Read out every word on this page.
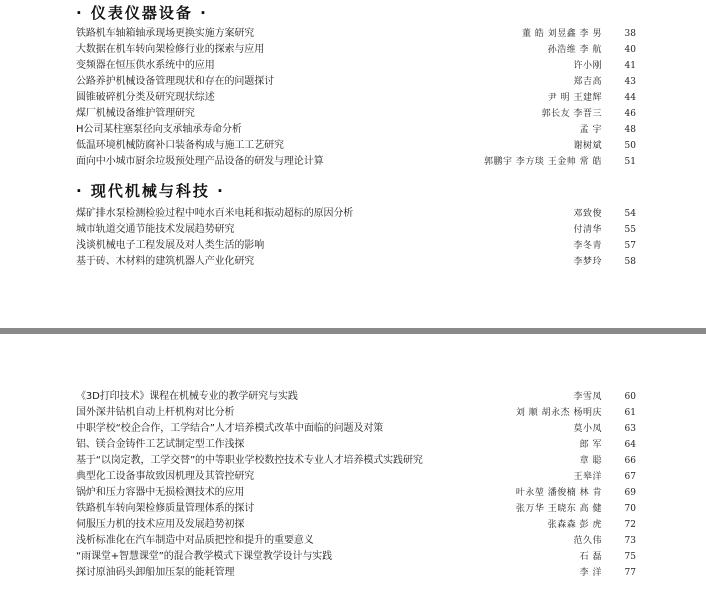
· 仪表仪器设备 ·
铁路机车轴箱轴承现场更换实施方案研究	董 皓 刘昱鑫 李 男	38
大数据在机车转向架检修行业的探索与应用	孙浩维 李 航	40
变频器在恒压供水系统中的应用	许小刚	41
公路养护机械设备管理现状和存在的问题探讨	郑吉高	43
圆锥破碎机分类及研究现状综述	尹 明 王建辉	44
煤厂机械设备维护管理研究	郭长友 李晋三	46
H公司某柱塞泵径向支承轴承寿命分析	孟 宇	48
低温环境机械防腐补口装备构成与施工工艺研究	谢树斌	50
面向中小城市厨余垃圾预处理产品设备的研发与理论计算	郭鹏宇 李方琰 王金帅 常 皓	51
· 现代机械与科技 ·
煤矿排水泵检测检验过程中吨水百米电耗和振动超标的原因分析	邓致俊	54
城市轨道交通节能技术发展趋势研究	付清华	55
浅谈机械电子工程发展及对人类生活的影响	李冬青	57
基于砖、木材料的建筑机器人产业化研究	李梦玲	58
《3D打印技术》课程在机械专业的教学研究与实践	李雪凤	60
国外深井钻机自动上杆机构对比分析	刘 顺 胡永杰 杨明庆	61
中职学校“校企合作，工学结合”人才培养模式改革中面临的问题及对策	莫小凤	63
铝、镁合金铸件工艺试制定型工作浅探	郎 军	64
基于“以岗定教，工学交替”的中等职业学校数控技术专业人才培养模式实践研究	章 聪	66
典型化工设备事故致因机理及其管控研究	王皋洋	67
锅炉和压力容器中无损检测技术的应用	叶永堃 潘俊楠 林 肯	69
铁路机车转向架检修质量管理体系的探讨	张万华 王晓东 高 健	70
伺服压力机的技术应用及发展趋势初探	张森森 彭 虎	72
浅析标准化在汽车制造中对品质把控和提升的重要意义	范久伟	73
“雨课堂+智慧课堂”的混合教学模式下课堂教学设计与实践	石 磊	75
探讨原油码头卸船加压泵的能耗管理	李 洋	77
